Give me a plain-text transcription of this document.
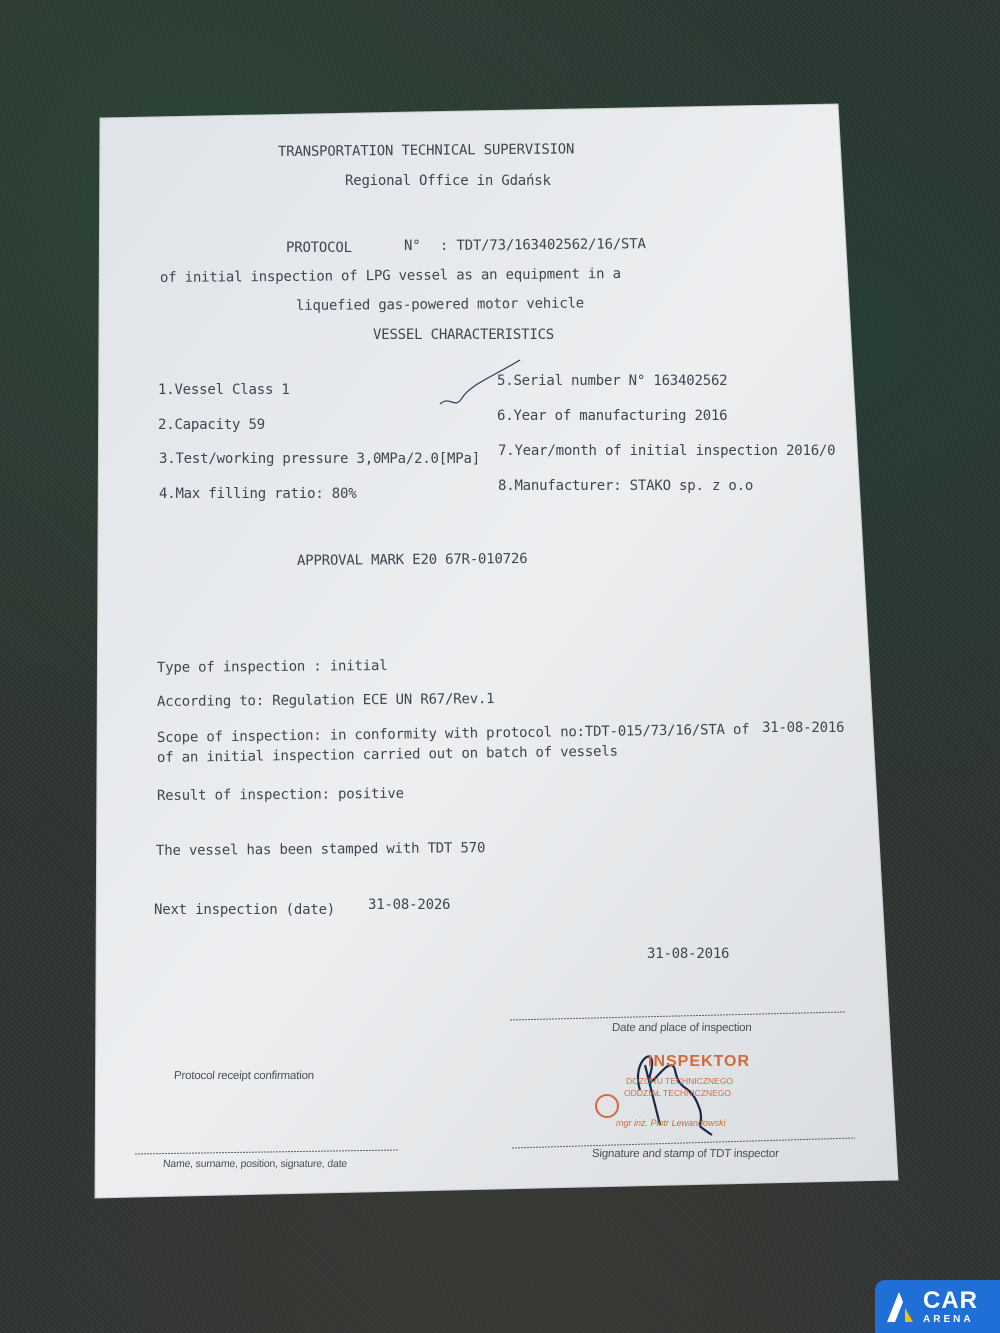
TRANSPORTATION TECHNICAL SUPERVISION
Regional Office in Gdańsk
PROTOCOL	N° : TDT/73/163402562/16/STA
of initial inspection of LPG vessel as an equipment in a
liquefied gas-powered motor vehicle
VESSEL CHARACTERISTICS
1.Vessel Class 1
2.Capacity 59
3.Test/working pressure 3,0MPa/2.0[MPa]
4.Max filling ratio: 80%
5.Serial number N° 163402562
6.Year of manufacturing 2016
7.Year/month of initial inspection 2016/0
8.Manufacturer: STAKO sp. z o.o
APPROVAL MARK E20 67R-010726
Type of inspection : initial
According to: Regulation ECE UN R67/Rev.1
Scope of inspection: in conformity with protocol no:TDT-015/73/16/STA of 31-08-2016
of an initial inspection carried out on batch of vessels
Result of inspection: positive
The vessel has been stamped with TDT 570
Next inspection (date) 31-08-2026
31-08-2016
Date and place of inspection
Protocol receipt confirmation
Name, surname, position, signature, date
Signature and stamp of TDT inspector
INSPEKTOR
DOZORU TECHNICZNEGO
ODDZIAŁ TECHNICZNEGO
mgr inż. Piotr Lewandowski
CAR
ARENA
